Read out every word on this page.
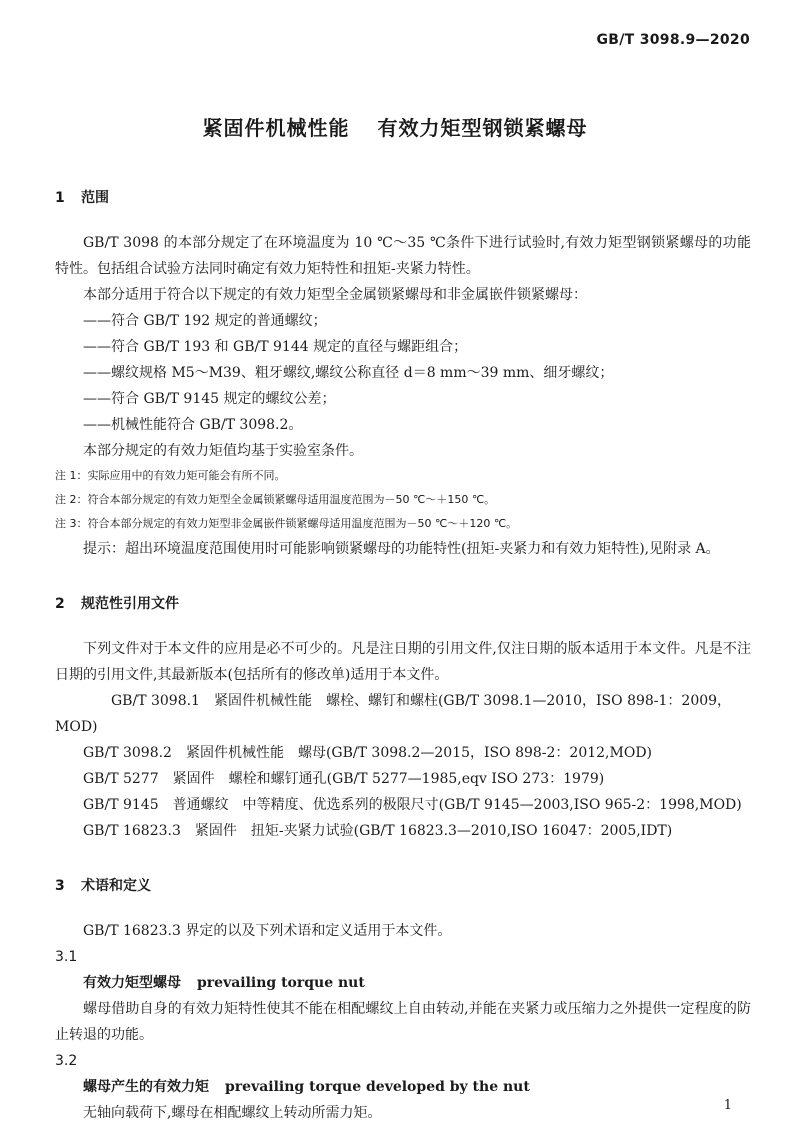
GB/T 3098.9—2020
紧固件机械性能 有效力矩型钢锁紧螺母
1 范围
GB/T 3098 的本部分规定了在环境温度为 10 ℃～35 ℃条件下进行试验时,有效力矩型钢锁紧螺母的功能特性。包括组合试验方法同时确定有效力矩特性和扭矩-夹紧力特性。
本部分适用于符合以下规定的有效力矩型全金属锁紧螺母和非金属嵌件锁紧螺母：
——符合 GB/T 192 规定的普通螺纹；
——符合 GB/T 193 和 GB/T 9144 规定的直径与螺距组合；
——螺纹规格 M5～M39、粗牙螺纹,螺纹公称直径 d＝8 mm～39 mm、细牙螺纹；
——符合 GB/T 9145 规定的螺纹公差；
——机械性能符合 GB/T 3098.2。
本部分规定的有效力矩值均基于实验室条件。
注 1：实际应用中的有效力矩可能会有所不同。
注 2：符合本部分规定的有效力矩型全金属锁紧螺母适用温度范围为－50 ℃～＋150 ℃。
注 3：符合本部分规定的有效力矩型非金属嵌件锁紧螺母适用温度范围为－50 ℃～＋120 ℃。
提示：超出环境温度范围使用时可能影响锁紧螺母的功能特性(扭矩-夹紧力和有效力矩特性),见附录 A。
2 规范性引用文件
下列文件对于本文件的应用是必不可少的。凡是注日期的引用文件,仅注日期的版本适用于本文件。凡是不注日期的引用文件,其最新版本(包括所有的修改单)适用于本文件。
GB/T 3098.1 紧固件机械性能　螺栓、螺钉和螺柱(GB/T 3098.1—2010，ISO 898-1：2009，MOD)
GB/T 3098.2 紧固件机械性能　螺母(GB/T 3098.2—2015，ISO 898-2：2012,MOD)
GB/T 5277 紧固件　螺栓和螺钉通孔(GB/T 5277—1985,eqv ISO 273：1979)
GB/T 9145 普通螺纹　中等精度、优选系列的极限尺寸(GB/T 9145—2003,ISO 965-2：1998,MOD)
GB/T 16823.3 紧固件　扭矩-夹紧力试验(GB/T 16823.3—2010,ISO 16047：2005,IDT)
3 术语和定义
GB/T 16823.3 界定的以及下列术语和定义适用于本文件。
3.1
有效力矩型螺母 prevailing torque nut
螺母借助自身的有效力矩特性使其不能在相配螺纹上自由转动,并能在夹紧力或压缩力之外提供一定程度的防止转退的功能。
3.2
螺母产生的有效力矩 prevailing torque developed by the nut
无轴向载荷下,螺母在相配螺纹上转动所需力矩。	1
